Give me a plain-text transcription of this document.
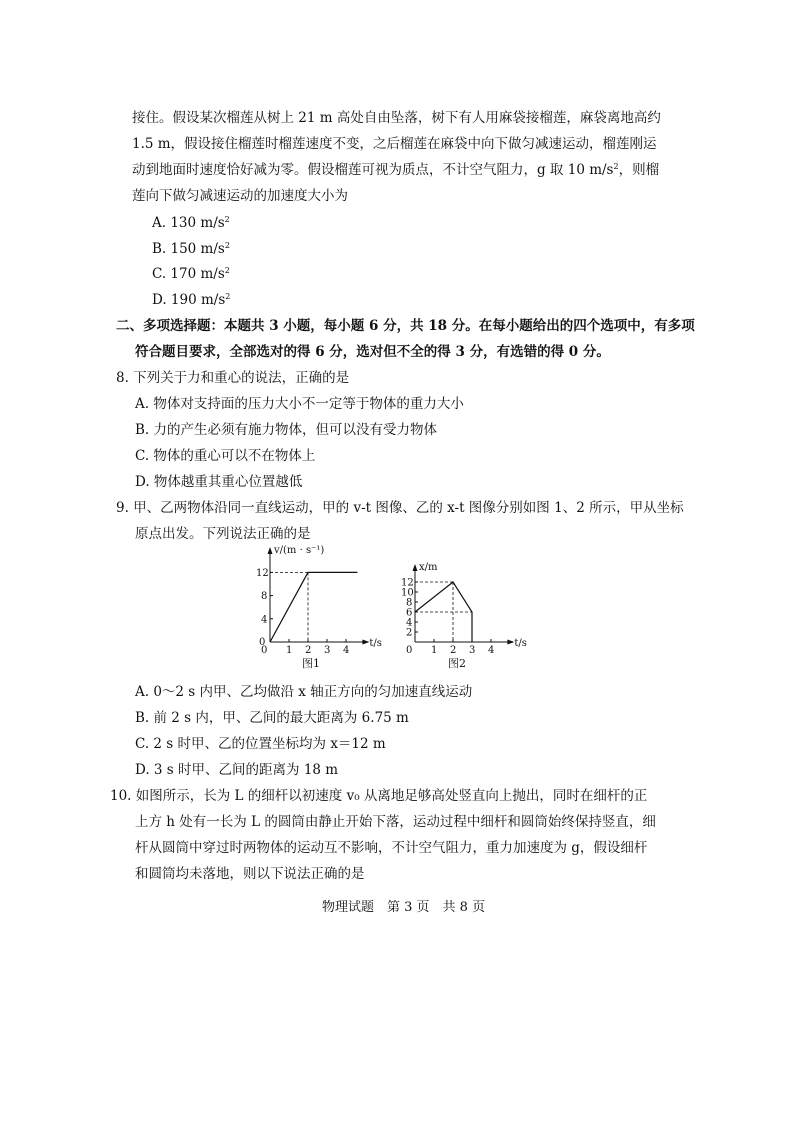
接住。假设某次榴莲从树上 21 m 高处自由坠落，树下有人用麻袋接榴莲，麻袋离地高约
1.5 m，假设接住榴莲时榴莲速度不变，之后榴莲在麻袋中向下做匀减速运动，榴莲刚运
动到地面时速度恰好减为零。假设榴莲可视为质点，不计空气阻力，g 取 10 $m/s^2$，则榴
莲向下做匀减速运动的加速度大小为
A. 130 $m/s^2$
B. 150 $m/s^2$
C. 170 $m/s^2$
D. 190 $m/s^2$
二、多项选择题：本题共 3 小题，每小题 6 分，共 18 分。在每小题给出的四个选项中，有多项
符合题目要求，全部选对的得 6 分，选对但不全的得 3 分，有选错的得 0 分。
8. 下列关于力和重心的说法，正确的是
A. 物体对支持面的压力大小不一定等于物体的重力大小
B. 力的产生必须有施力物体，但可以没有受力物体
C. 物体的重心可以不在物体上
D. 物体越重其重心位置越低
9. 甲、乙两物体沿同一直线运动，甲的 v-t 图像、乙的 x-t 图像分别如图 1、2 所示，甲从坐标
原点出发。下列说法正确的是
v/(m · s⁻¹)
t/s
0 1 2 3 4
0
4
8
12
图1
x/m
t/s
0 1 2 3 4
2
4
6
8
10
12
图2
A. 0～2 s 内甲、乙均做沿 x 轴正方向的匀加速直线运动
B. 前 2 s 内，甲、乙间的最大距离为 6.75 m
C. 2 s 时甲、乙的位置坐标均为 x＝12 m
D. 3 s 时甲、乙间的距离为 18 m
10. 如图所示，长为 L 的细杆以初速度 v₀ 从离地足够高处竖直向上抛出，同时在细杆的正
上方 h 处有一长为 L 的圆筒由静止开始下落，运动过程中细杆和圆筒始终保持竖直，细
杆从圆筒中穿过时两物体的运动互不影响，不计空气阻力，重力加速度为 g，假设细杆
和圆筒均未落地，则以下说法正确的是
物理试题　第 3 页　共 8 页
